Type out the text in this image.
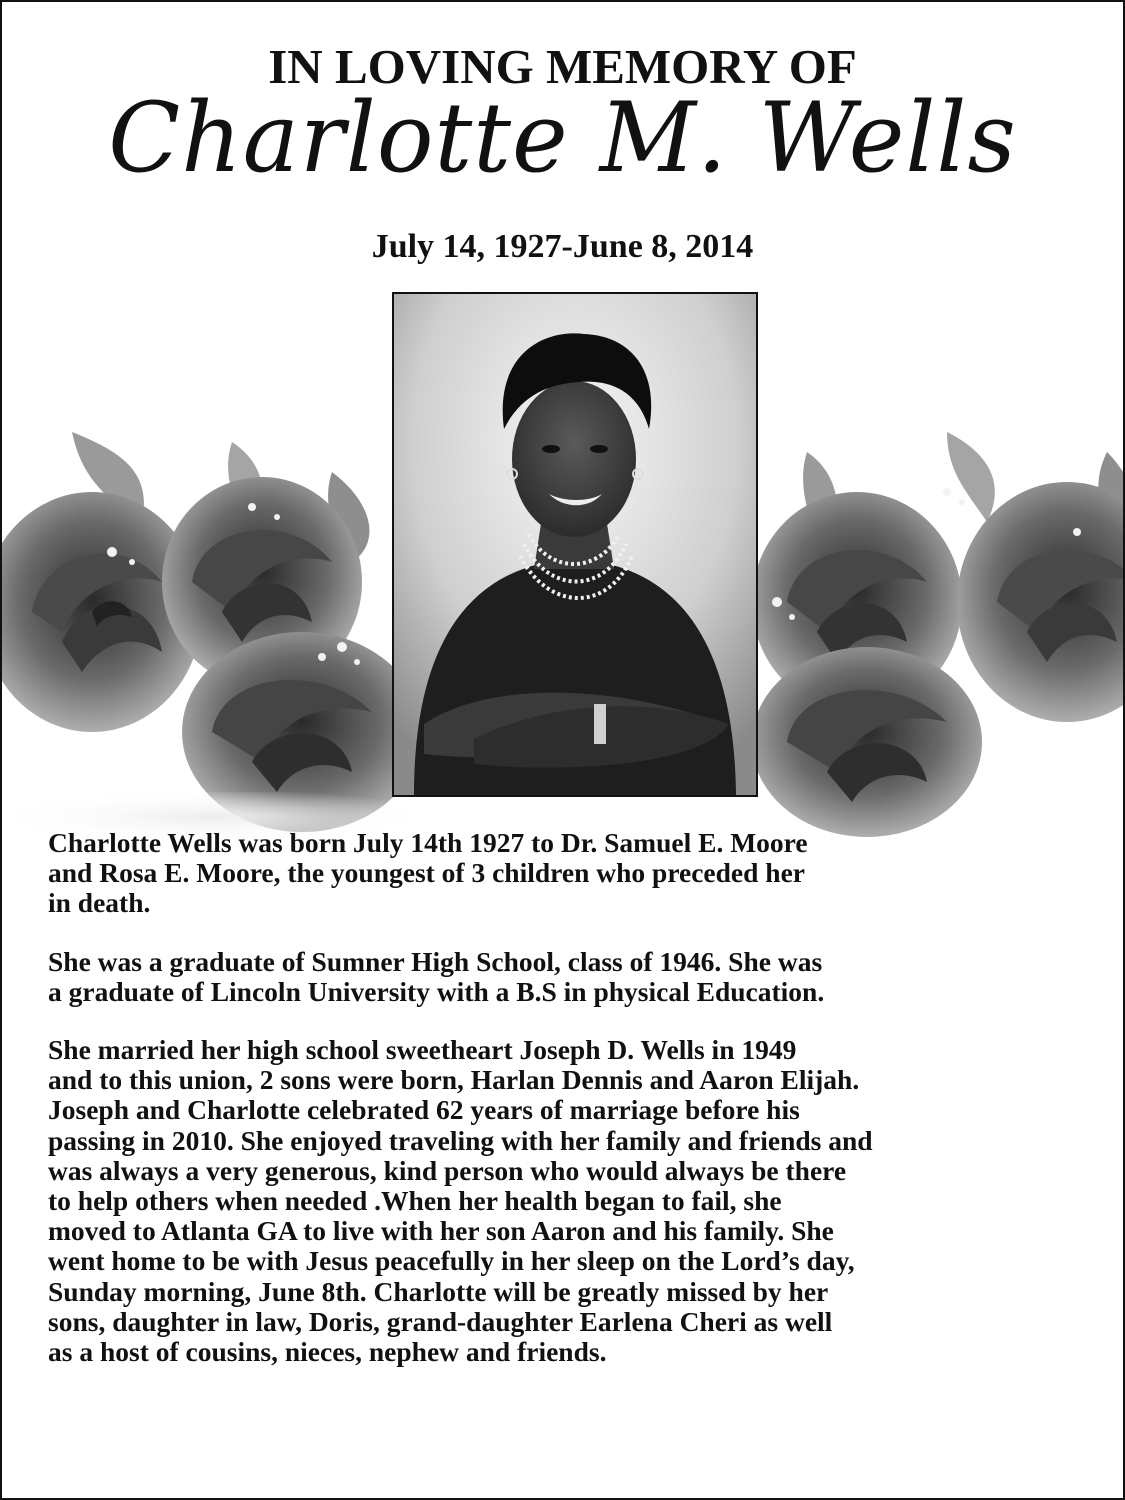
IN LOVING MEMORY OF
Charlotte M. Wells
July 14, 1927-June 8, 2014

Charlotte Wells was born July 14th 1927 to Dr. Samuel E. Moore
and Rosa E. Moore, the youngest of 3 children who preceded her
in death.

She was a graduate of Sumner High School, class of 1946. She was
a graduate of Lincoln University with a B.S in physical Education.

She married her high school sweetheart Joseph D. Wells in 1949
and to this union, 2 sons were born, Harlan Dennis and Aaron Elijah.
Joseph and Charlotte celebrated 62 years of marriage before his
passing in 2010. She enjoyed traveling with her family and friends and
was always a very generous, kind person who would always be there
to help others when needed .When her health began to fail, she
moved to Atlanta GA to live with her son Aaron and his family. She
went home to be with Jesus peacefully in her sleep on the Lord’s day,
Sunday morning, June 8th. Charlotte will be greatly missed by her
sons, daughter in law, Doris, grand-daughter Earlena Cheri as well
as a host of cousins, nieces, nephew and friends.
